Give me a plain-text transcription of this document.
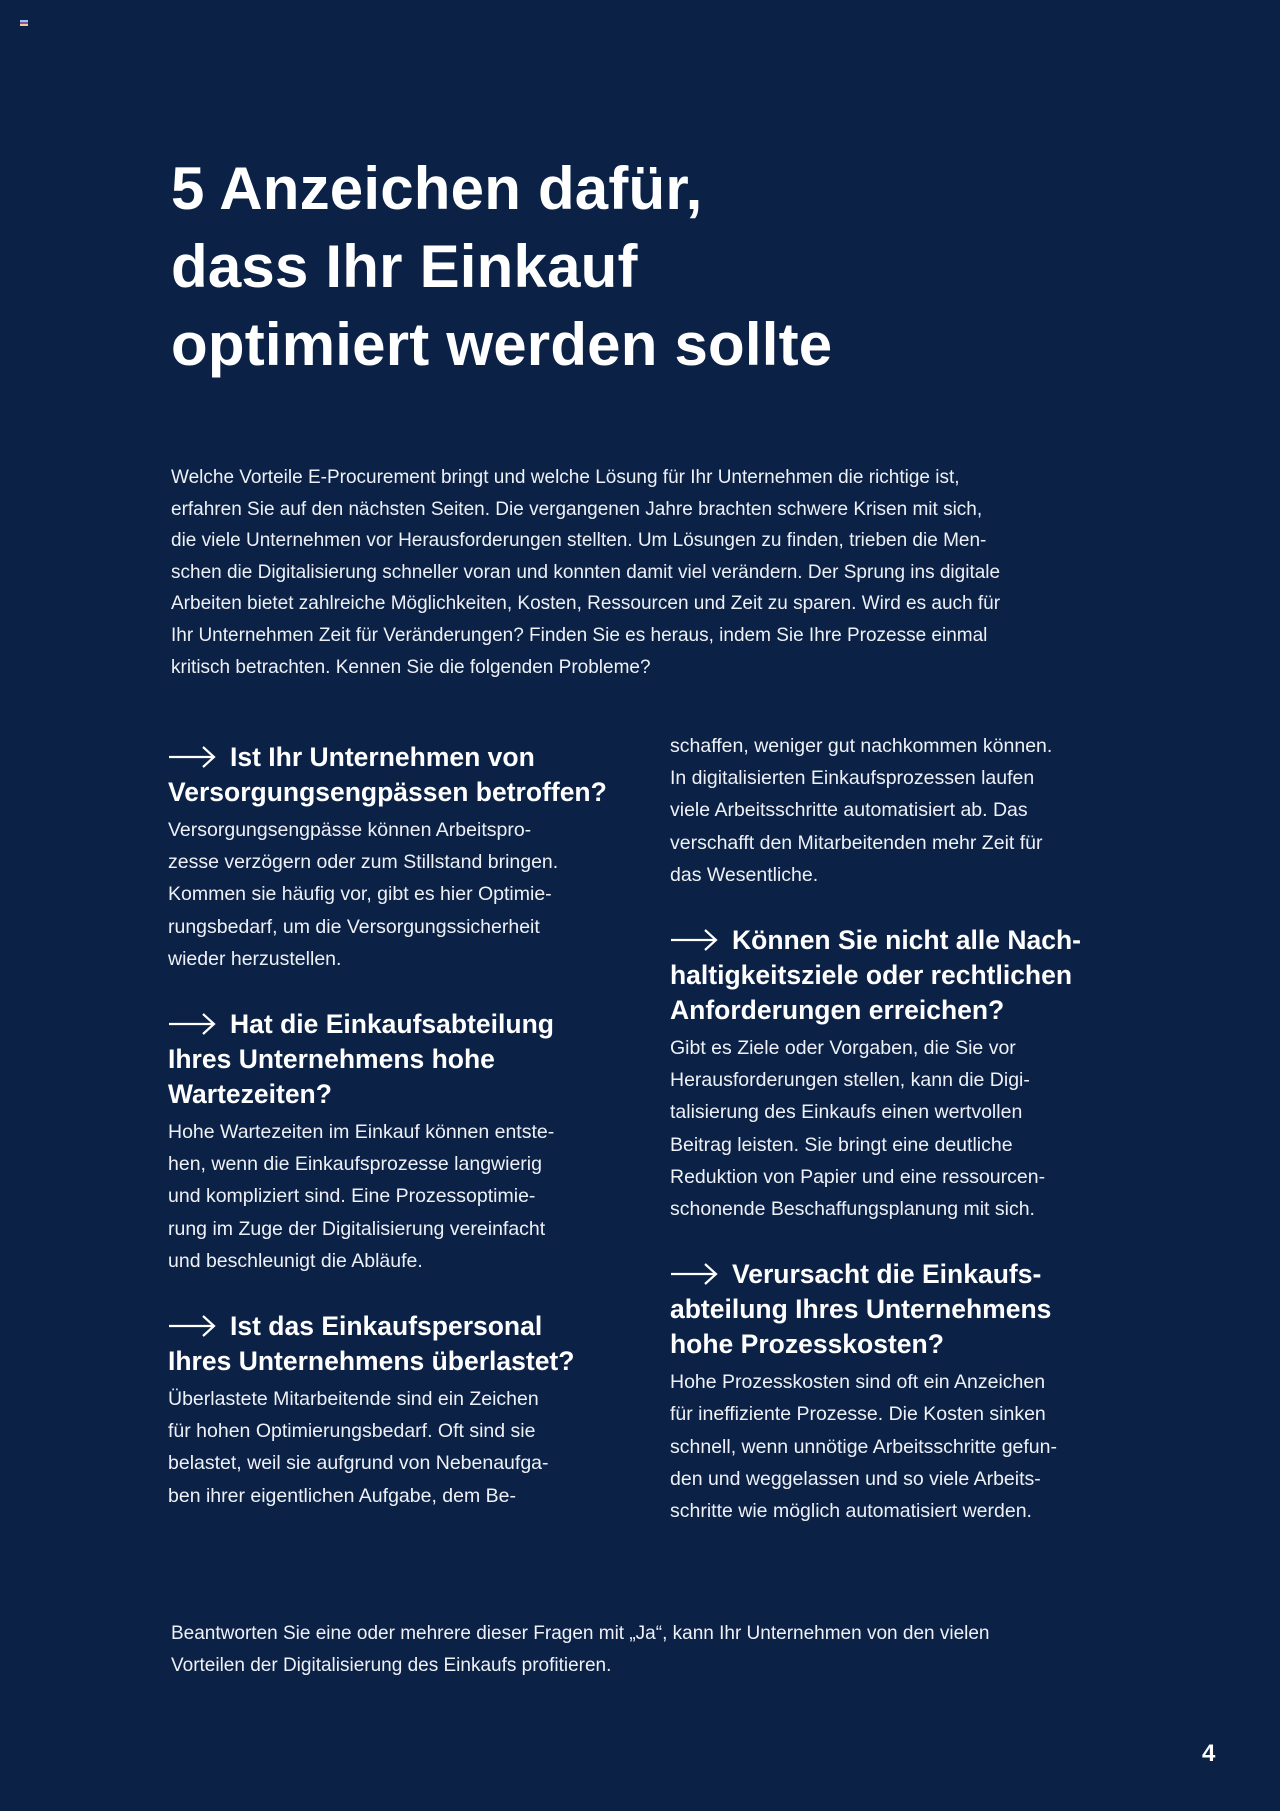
5 Anzeichen dafür,
dass Ihr Einkauf
optimiert werden sollte
Welche Vorteile E-Procurement bringt und welche Lösung für Ihr Unternehmen die richtige ist,
erfahren Sie auf den nächsten Seiten. Die vergangenen Jahre brachten schwere Krisen mit sich,
die viele Unternehmen vor Herausforderungen stellten. Um Lösungen zu finden, trieben die Men-
schen die Digitalisierung schneller voran und konnten damit viel verändern. Der Sprung ins digitale
Arbeiten bietet zahlreiche Möglichkeiten, Kosten, Ressourcen und Zeit zu sparen. Wird es auch für
Ihr Unternehmen Zeit für Veränderungen? Finden Sie es heraus, indem Sie Ihre Prozesse einmal
kritisch betrachten. Kennen Sie die folgenden Probleme?
Ist Ihr Unternehmen von
Versorgungsengpässen betroffen?
Versorgungsengpässe können Arbeitspro-
zesse verzögern oder zum Stillstand bringen.
Kommen sie häufig vor, gibt es hier Optimie-
rungsbedarf, um die Versorgungssicherheit
wieder herzustellen.
Hat die Einkaufsabteilung
Ihres Unternehmens hohe
Wartezeiten?
Hohe Wartezeiten im Einkauf können entste-
hen, wenn die Einkaufsprozesse langwierig
und kompliziert sind. Eine Prozessoptimie-
rung im Zuge der Digitalisierung vereinfacht
und beschleunigt die Abläufe.
Ist das Einkaufspersonal
Ihres Unternehmens überlastet?
Überlastete Mitarbeitende sind ein Zeichen
für hohen Optimierungsbedarf. Oft sind sie
belastet, weil sie aufgrund von Nebenaufga-
ben ihrer eigentlichen Aufgabe, dem Be-
schaffen, weniger gut nachkommen können.
In digitalisierten Einkaufsprozessen laufen
viele Arbeitsschritte automatisiert ab. Das
verschafft den Mitarbeitenden mehr Zeit für
das Wesentliche.
Können Sie nicht alle Nach-
haltigkeitsziele oder rechtlichen
Anforderungen erreichen?
Gibt es Ziele oder Vorgaben, die Sie vor
Herausforderungen stellen, kann die Digi-
talisierung des Einkaufs einen wertvollen
Beitrag leisten. Sie bringt eine deutliche
Reduktion von Papier und eine ressourcen-
schonende Beschaffungsplanung mit sich.
Verursacht die Einkaufs-
abteilung Ihres Unternehmens
hohe Prozesskosten?
Hohe Prozesskosten sind oft ein Anzeichen
für ineffiziente Prozesse. Die Kosten sinken
schnell, wenn unnötige Arbeitsschritte gefun-
den und weggelassen und so viele Arbeits-
schritte wie möglich automatisiert werden.
Beantworten Sie eine oder mehrere dieser Fragen mit „Ja“, kann Ihr Unternehmen von den vielen
Vorteilen der Digitalisierung des Einkaufs profitieren.
4
